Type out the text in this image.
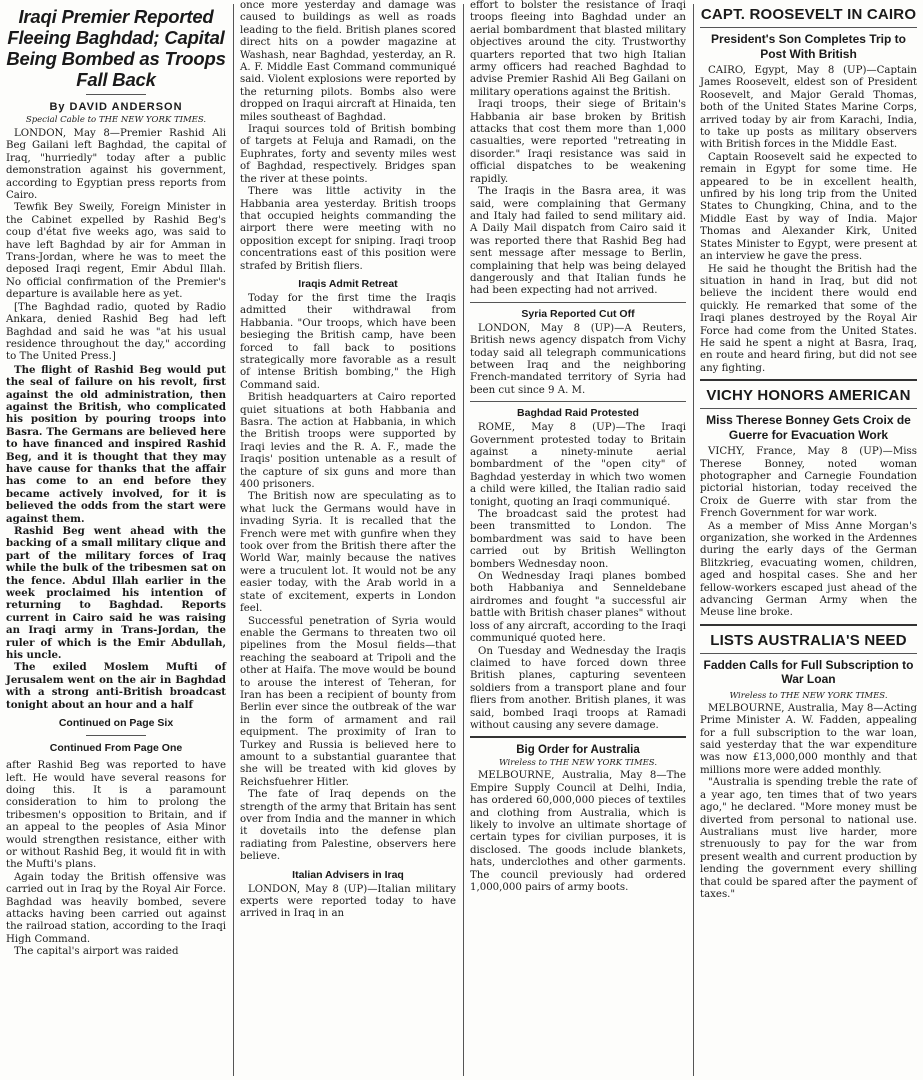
Iraqi Premier Reported Fleeing Baghdad; Capital Being Bombed as Troops Fall Back
By DAVID ANDERSON
Special Cable to THE NEW YORK TIMES.

LONDON, May 8—Premier Rashid Ali Beg Gailani left Baghdad, the capital of Iraq, "hurriedly" today after a public demonstration against his government, according to Egyptian press reports from Cairo.

Tewfik Bey Sweily, Foreign Minister in the Cabinet expelled by Rashid Beg's coup d'état five weeks ago, was said to have left Baghdad by air for Amman in Trans-Jordan, where he was to meet the deposed Iraqi regent, Emir Abdul Illah. No official confirmation of the Premier's departure is available here as yet.

[The Baghdad radio, quoted by Radio Ankara, denied Rashid Beg had left Baghdad and said he was "at his usual residence throughout the day," according to The United Press.]

The flight of Rashid Beg would put the seal of failure on his revolt, first against the old administration, then against the British, who complicated his position by pouring troops into Basra. The Germans are believed here to have financed and inspired Rashid Beg, and it is thought that they may have cause for thanks that the affair has come to an end before they became actively involved, for it is believed the odds from the start were against them.

Rashid Beg went ahead with the backing of a small military clique and part of the military forces of Iraq while the bulk of the tribesmen sat on the fence. Abdul Illah earlier in the week proclaimed his intention of returning to Baghdad. Reports current in Cairo said he was raising an Iraqi army in Trans-Jordan, the ruler of which is the Emir Abdullah, his uncle.

The exiled Moslem Mufti of Jerusalem went on the air in Baghdad with a strong anti-British broadcast tonight about an hour and a half

Continued on Page Six
Continued From Page One

after Rashid Beg was reported to have left. He would have several reasons for doing this. It is a paramount consideration to him to prolong the tribesmen's opposition to Britain, and if an appeal to the peoples of Asia Minor would strengthen resistance, either with or without Rashid Beg, it would fit in with the Mufti's plans.

Again today the British offensive was carried out in Iraq by the Royal Air Force. Baghdad was heavily bombed, severe attacks having been carried out against the railroad station, according to the Iraqi High Command.

The capital's airport was raided

once more yesterday and damage was caused to buildings as well as roads leading to the field. British planes scored direct hits on a powder magazine at Washash, near Baghdad, yesterday, an R. A. F. Middle East Command communiqué said. Violent explosions were reported by the returning pilots. Bombs also were dropped on Iraqui aircraft at Hinaida, ten miles southeast of Baghdad.

Iraqui sources told of British bombing of targets at Feluja and Ramadi, on the Euphrates, forty and seventy miles west of Baghdad, respectively. Bridges span the river at these points.

There was little activity in the Habbania area yesterday. British troops that occupied heights commanding the airport there were meeting with no opposition except for sniping. Iraqi troop concentrations east of this position were strafed by British fliers.

Iraqis Admit Retreat

Today for the first time the Iraqis admitted their withdrawal from Habbania. "Our troops, which have been besieging the British camp, have been forced to fall back to positions strategically more favorable as a result of intense British bombing," the High Command said.

British headquarters at Cairo reported quiet situations at both Habbania and Basra. The action at Habbania, in which the British troops were supported by Iraqi levies and the R. A. F., made the Iraqis' position untenable as a result of the capture of six guns and more than 400 prisoners.

The British now are speculating as to what luck the Germans would have in invading Syria. It is recalled that the French were met with gunfire when they took over from the British there after the World War, mainly because the natives were a truculent lot. It would not be any easier today, with the Arab world in a state of excitement, experts in London feel.

Successful penetration of Syria would enable the Germans to threaten two oil pipelines from the Mosul fields—that reaching the seaboard at Tripoli and the other at Haifa. The move would be bound to arouse the interest of Teheran, for Iran has been a recipient of bounty from Berlin ever since the outbreak of the war in the form of armament and rail equipment. The proximity of Iran to Turkey and Russia is believed here to amount to a substantial guarantee that she will be treated with kid gloves by Reichsfuehrer Hitler.

The fate of Iraq depends on the strength of the army that Britain has sent over from India and the manner in which it dovetails into the defense plan radiating from Palestine, observers here believe.

Italian Advisers in Iraq

LONDON, May 8 (UP)—Italian military experts were reported today to have arrived in Iraq in an

effort to bolster the resistance of Iraqi troops fleeing into Baghdad under an aerial bombardment that blasted military objectives around the city. Trustworthy quarters reported that two high Italian army officers had reached Baghdad to advise Premier Rashid Ali Beg Gailani on military operations against the British.

Iraqi troops, their siege of Britain's Habbania air base broken by British attacks that cost them more than 1,000 casualties, were reported "retreating in disorder." Iraqi resistance was said in official dispatches to be weakening rapidly.

The Iraqis in the Basra area, it was said, were complaining that Germany and Italy had failed to send military aid. A Daily Mail dispatch from Cairo said it was reported there that Rashid Beg had sent message after message to Berlin, complaining that help was being delayed dangerously and that Italian funds he had been expecting had not arrived.

Syria Reported Cut Off

LONDON, May 8 (UP)—A Reuters, British news agency dispatch from Vichy today said all telegraph communications between Iraq and the neighboring French-mandated territory of Syria had been cut since 9 A. M.

Baghdad Raid Protested

ROME, May 8 (UP)—The Iraqi Government protested today to Britain against a ninety-minute aerial bombardment of the "open city" of Baghdad yesterday in which two women a child were killed, the Italian radio said tonight, quoting an Iraqi communiqué.

The broadcast said the protest had been transmitted to London. The bombardment was said to have been carried out by British Wellington bombers Wednesday noon.

On Wednesday Iraqi planes bombed both Habbaniya and Senneldebane airdromes and fought "a successful air battle with British chaser planes" without loss of any aircraft, according to the Iraqi communiqué quoted here.

On Tuesday and Wednesday the Iraqis claimed to have forced down three British planes, capturing seventeen soldiers from a transport plane and four fliers from another. British planes, it was said, bombed Iraqi troops at Ramadi without causing any severe damage.

Big Order for Australia
Wireless to THE NEW YORK TIMES.

MELBOURNE, Australia, May 8—The Empire Supply Council at Delhi, India, has ordered 60,000,000 pieces of textiles and clothing from Australia, which is likely to involve an ultimate shortage of certain types for civilian purposes, it is disclosed. The goods include blankets, hats, underclothes and other garments. The council previously had ordered 1,000,000 pairs of army boots.

CAPT. ROOSEVELT IN CAIRO
President's Son Completes Trip to Post With British

CAIRO, Egypt, May 8 (UP)—Captain James Roosevelt, eldest son of President Roosevelt, and Major Gerald Thomas, both of the United States Marine Corps, arrived today by air from Karachi, India, to take up posts as military observers with British forces in the Middle East.

Captain Roosevelt said he expected to remain in Egypt for some time. He appeared to be in excellent health, unfired by his long trip from the United States to Chungking, China, and to the Middle East by way of India. Major Thomas and Alexander Kirk, United States Minister to Egypt, were present at an interview he gave the press.

He said he thought the British had the situation in hand in Iraq, but did not believe the incident there would end quickly. He remarked that some of the Iraqi planes destroyed by the Royal Air Force had come from the United States. He said he spent a night at Basra, Iraq, en route and heard firing, but did not see any fighting.

VICHY HONORS AMERICAN
Miss Therese Bonney Gets Croix de Guerre for Evacuation Work

VICHY, France, May 8 (UP)—Miss Therese Bonney, noted woman photographer and Carnegie Foundation pictorial historian, today received the Croix de Guerre with star from the French Government for war work.

As a member of Miss Anne Morgan's organization, she worked in the Ardennes during the early days of the German Blitzkrieg, evacuating women, children, aged and hospital cases. She and her fellow-workers escaped just ahead of the advancing German Army when the Meuse line broke.

LISTS AUSTRALIA'S NEED
Fadden Calls for Full Subscription to War Loan
Wireless to THE NEW YORK TIMES.

MELBOURNE, Australia, May 8—Acting Prime Minister A. W. Fadden, appealing for a full subscription to the war loan, said yesterday that the war expenditure was now £13,000,000 monthly and that millions more were added monthly.

"Australia is spending treble the rate of a year ago, ten times that of two years ago," he declared. "More money must be diverted from personal to national use. Australians must live harder, more strenuously to pay for the war from present wealth and current production by lending the government every shilling that could be spared after the payment of taxes."
